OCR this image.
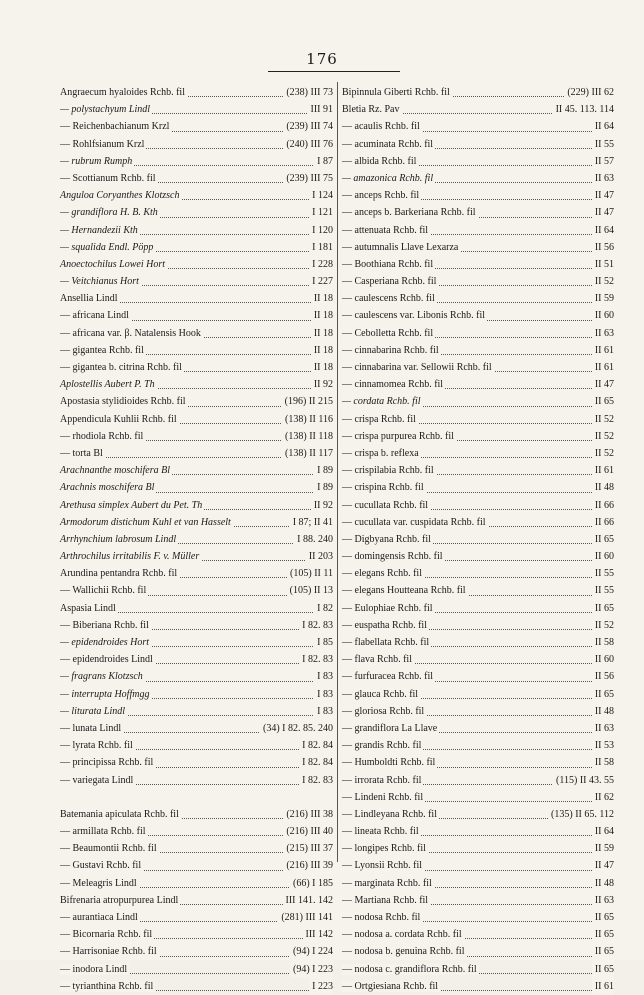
176
Angraecum hyaloides Rchb. fil	(238) III 73
— polystachyum Lindl	III 91
— Reichenbachianum Krzl	(239) III 74
— Rohlfsianum Krzl	(240) III 76
— rubrum Rumph	I 87
— Scottianum Rchb. fil	(239) III 75
Anguloa Coryanthes Klotzsch	I 124
— grandiflora H. B. Kth	I 121
— Hernandezii Kth	I 120
— squalida Endl. Pöpp	I 181
Anoectochilus Lowei Hort	I 228
— Veitchianus Hort	I 227
Ansellia Lindl	II 18
— africana Lindl	II 18
— africana var. β. Natalensis Hook	II 18
— gigantea Rchb. fil	II 18
— gigantea b. citrina Rchb. fil	II 18
Aplostellis Aubert P. Th	II 92
Apostasia stylidioides Rchb. fil	(196) II 215
Appendicula Kuhlii Rchb. fil	(138) II 116
— rhodiola Rchb. fil	(138) II 118
— torta Bl	(138) II 117
Arachnanthe moschifera Bl	I 89
Arachnis moschifera Bl	I 89
Arethusa simplex Aubert du Pet. Th	II 92
Armodorum distichum Kuhl et van Hasselt	I 87; II 41
Arrhynchium labrosum Lindl	I 88. 240
Arthrochilus irritabilis F. v. Müller	II 203
Arundina pentandra Rchb. fil	(105) II 11
— Wallichii Rchb. fil	(105) II 13
Aspasia Lindl	I 82
— Biberiana Rchb. fil	I 82. 83
— epidendroides Hort	I 85
— epidendroides Lindl	I 82. 83
— fragrans Klotzsch	I 83
— interrupta Hoffmgg	I 83
— liturata Lindl	I 83
— lunata Lindl	(34) I 82. 85. 240
— lyrata Rchb. fil	I 82. 84
— principissa Rchb. fil	I 82. 84
— variegata Lindl	I 82. 83
Batemania apiculata Rchb. fil	(216) III 38
— armillata Rchb. fil	(216) III 40
— Beaumontii Rchb. fil	(215) III 37
— Gustavi Rchb. fil	(216) III 39
— Meleagris Lindl	(66) I 185
Bifrenaria atropurpurea Lindl	III 141. 142
— aurantiaca Lindl	(281) III 141
— Bicornaria Rchb. fil	III 142
— Harrisoniae Rchb. fil	(94) I 224
— inodora Lindl	(94) I 223
— tyrianthina Rchb. fil	I 223
Bipinnula Giberti Rchb. fil	(229) III 62
Bletia Rz. Pav	II 45. 113. 114
— acaulis Rchb. fil	II 64
— acuminata Rchb. fil	II 55
— albida Rchb. fil	II 57
— amazonica Rchb. fil	II 63
— anceps Rchb. fil	II 47
— anceps b. Barkeriana Rchb. fil	II 47
— attenuata Rchb. fil	II 64
— autumnalis Llave Lexarza	II 56
— Boothiana Rchb. fil	II 51
— Casperiana Rchb. fil	II 52
— caulescens Rchb. fil	II 59
— caulescens var. Libonis Rchb. fil	II 60
— Cebolletta Rchb. fil	II 63
— cinnabarina Rchb. fil	II 61
— cinnabarina var. Sellowii Rchb. fil	II 61
— cinnamomea Rchb. fil	II 47
— cordata Rchb. fil	II 65
— crispa Rchb. fil	II 52
— crispa purpurea Rchb. fil	II 52
— crispa b. reflexa	II 52
— crispilabia Rchb. fil	II 61
— crispina Rchb. fil	II 48
— cucullata Rchb. fil	II 66
— cucullata var. cuspidata Rchb. fil	II 66
— Digbyana Rchb. fil	II 65
— domingensis Rchb. fil	II 60
— elegans Rchb. fil	II 55
— elegans Houtteana Rchb. fil	II 55
— Eulophiae Rchb. fil	II 65
— euspatha Rchb. fil	II 52
— flabellata Rchb. fil	II 58
— flava Rchb. fil	II 60
— furfuracea Rchb. fil	II 56
— glauca Rchb. fil	II 65
— gloriosa Rchb. fil	II 48
— grandiflora La Llave	II 63
— grandis Rchb. fil	II 53
— Humboldti Rchb. fil	II 58
— irrorata Rchb. fil	(115) II 43. 55
— Lindeni Rchb. fil	II 62
— Lindleyana Rchb. fil	(135) II 65. 112
— lineata Rchb. fil	II 64
— longipes Rchb. fil	II 59
— Lyonsii Rchb. fil	II 47
— marginata Rchb. fil	II 48
— Martiana Rchb. fil	II 63
— nodosa Rchb. fil	II 65
— nodosa a. cordata Rchb. fil	II 65
— nodosa b. genuina Rchb. fil	II 65
— nodosa c. grandiflora Rchb. fil	II 65
— Ortgiesiana Rchb. fil	II 61
